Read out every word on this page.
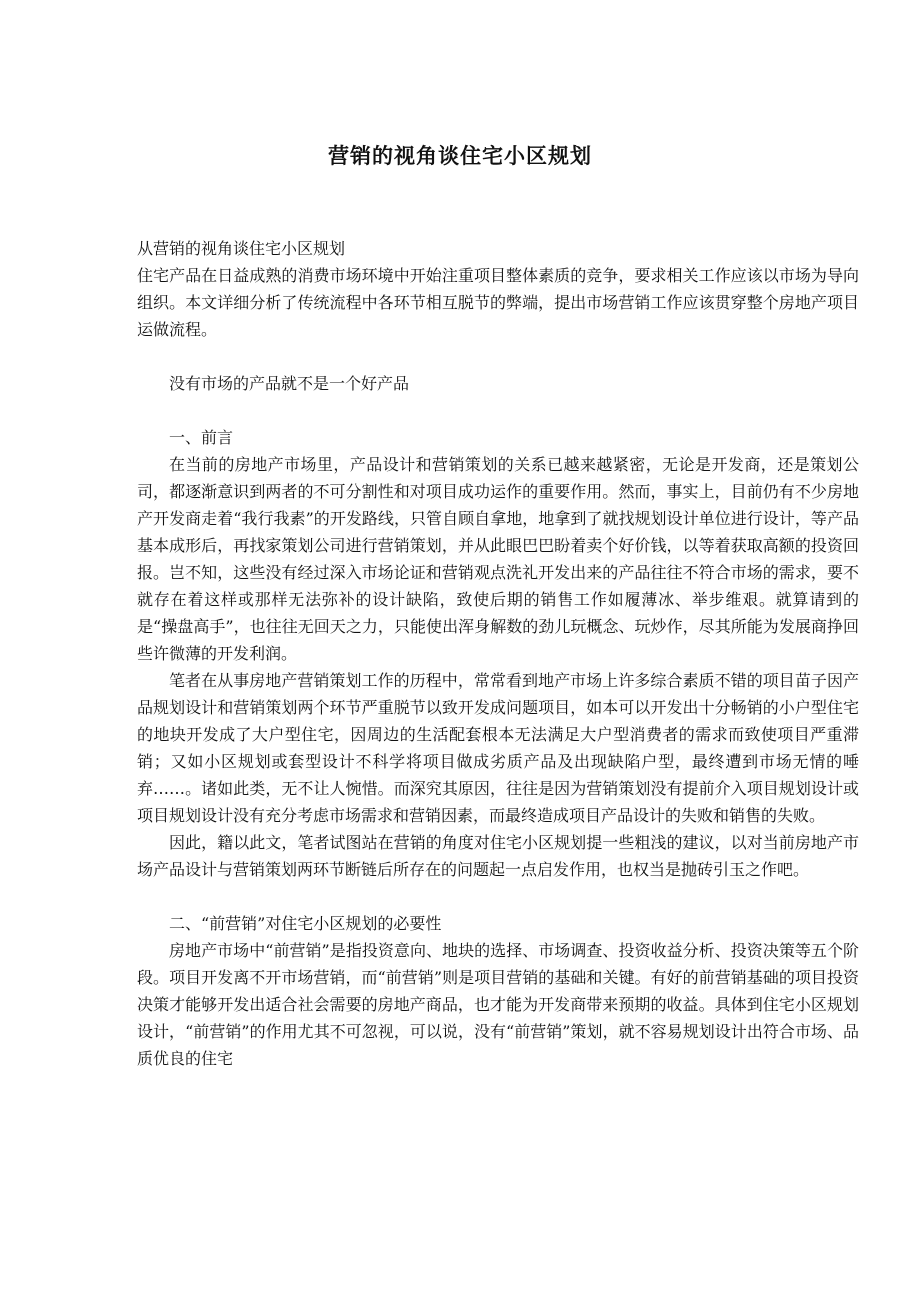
营销的视角谈住宅小区规划

从营销的视角谈住宅小区规划

住宅产品在日益成熟的消费市场环境中开始注重项目整体素质的竞争，要求相关工作应该以市场为导向组织。本文详细分析了传统流程中各环节相互脱节的弊端，提出市场营销工作应该贯穿整个房地产项目运做流程。

没有市场的产品就不是一个好产品

一、前言

在当前的房地产市场里，产品设计和营销策划的关系已越来越紧密，无论是开发商，还是策划公司，都逐渐意识到两者的不可分割性和对项目成功运作的重要作用。然而，事实上，目前仍有不少房地产开发商走着“我行我素”的开发路线，只管自顾自拿地，地拿到了就找规划设计单位进行设计，等产品基本成形后，再找家策划公司进行营销策划，并从此眼巴巴盼着卖个好价钱，以等着获取高额的投资回报。岂不知，这些没有经过深入市场论证和营销观点洗礼开发出来的产品往往不符合市场的需求，要不就存在着这样或那样无法弥补的设计缺陷，致使后期的销售工作如履薄冰、举步维艰。就算请到的是“操盘高手”，也往往无回天之力，只能使出浑身解数的劲儿玩概念、玩炒作，尽其所能为发展商挣回些许微薄的开发利润。

笔者在从事房地产营销策划工作的历程中，常常看到地产市场上许多综合素质不错的项目苗子因产品规划设计和营销策划两个环节严重脱节以致开发成问题项目，如本可以开发出十分畅销的小户型住宅的地块开发成了大户型住宅，因周边的生活配套根本无法满足大户型消费者的需求而致使项目严重滞销；又如小区规划或套型设计不科学将项目做成劣质产品及出现缺陷户型，最终遭到市场无情的唾弃……。诸如此类，无不让人惋惜。而深究其原因，往往是因为营销策划没有提前介入项目规划设计或项目规划设计没有充分考虑市场需求和营销因素，而最终造成项目产品设计的失败和销售的失败。

因此，籍以此文，笔者试图站在营销的角度对住宅小区规划提一些粗浅的建议，以对当前房地产市场产品设计与营销策划两环节断链后所存在的问题起一点启发作用，也权当是抛砖引玉之作吧。

二、“前营销”对住宅小区规划的必要性

房地产市场中“前营销”是指投资意向、地块的选择、市场调查、投资收益分析、投资决策等五个阶段。项目开发离不开市场营销，而“前营销”则是项目营销的基础和关键。有好的前营销基础的项目投资决策才能够开发出适合社会需要的房地产商品，也才能为开发商带来预期的收益。具体到住宅小区规划设计，“前营销”的作用尤其不可忽视，可以说，没有“前营销”策划，就不容易规划设计出符合市场、品质优良的住宅
